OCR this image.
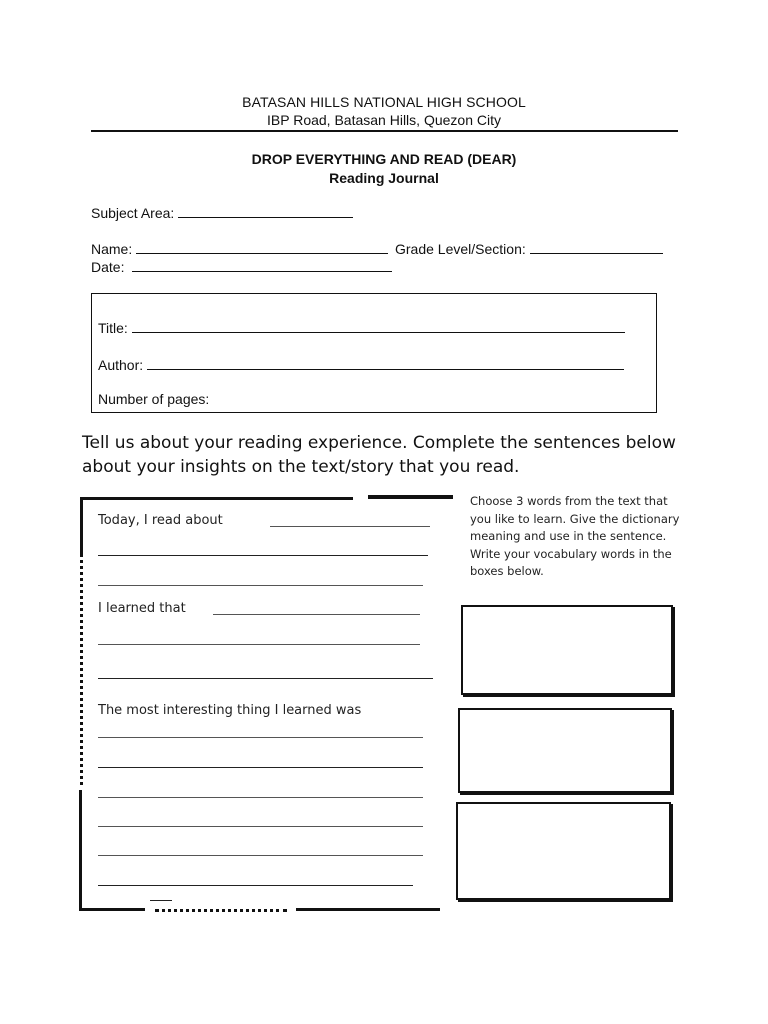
BATASAN HILLS NATIONAL HIGH SCHOOL
IBP Road, Batasan Hills, Quezon City
DROP EVERYTHING AND READ (DEAR)
Reading Journal
Subject Area:
Name:	Grade Level/Section:
Date:
Title:
Author:
Number of pages:
Tell us about your reading experience. Complete the sentences below about your insights on the text/story that you read.
Today, I read about
I learned that
The most interesting thing I learned was
Choose 3 words from the text that you like to learn. Give the dictionary meaning and use in the sentence. Write your vocabulary words in the boxes below.
